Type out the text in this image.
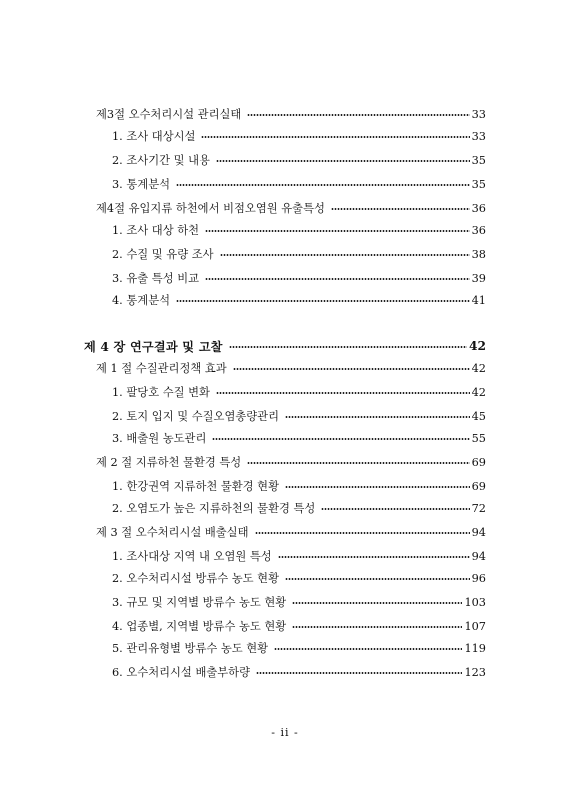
제3절 오수처리시설 관리실태	33
1. 조사 대상시설	33
2. 조사기간 및 내용	35
3. 통계분석	35
제4절 유입지류 하천에서 비점오염원 유출특성	36
1. 조사 대상 하천	36
2. 수질 및 유량 조사	38
3. 유출 특성 비교	39
4. 통계분석	41
제 4 장 연구결과 및 고찰	42
제 1 절 수질관리정책 효과	42
1. 팔당호 수질 변화	42
2. 토지 입지 및 수질오염총량관리	45
3. 배출원 농도관리	55
제 2 절 지류하천 물환경 특성	69
1. 한강권역 지류하천 물환경 현황	69
2. 오염도가 높은 지류하천의 물환경 특성	72
제 3 절 오수처리시설 배출실태	94
1. 조사대상 지역 내 오염원 특성	94
2. 오수처리시설 방류수 농도 현황	96
3. 규모 및 지역별 방류수 농도 현황	103
4. 업종별, 지역별 방류수 농도 현황	107
5. 관리유형별 방류수 농도 현황	119
6. 오수처리시설 배출부하량	123
- ii -
